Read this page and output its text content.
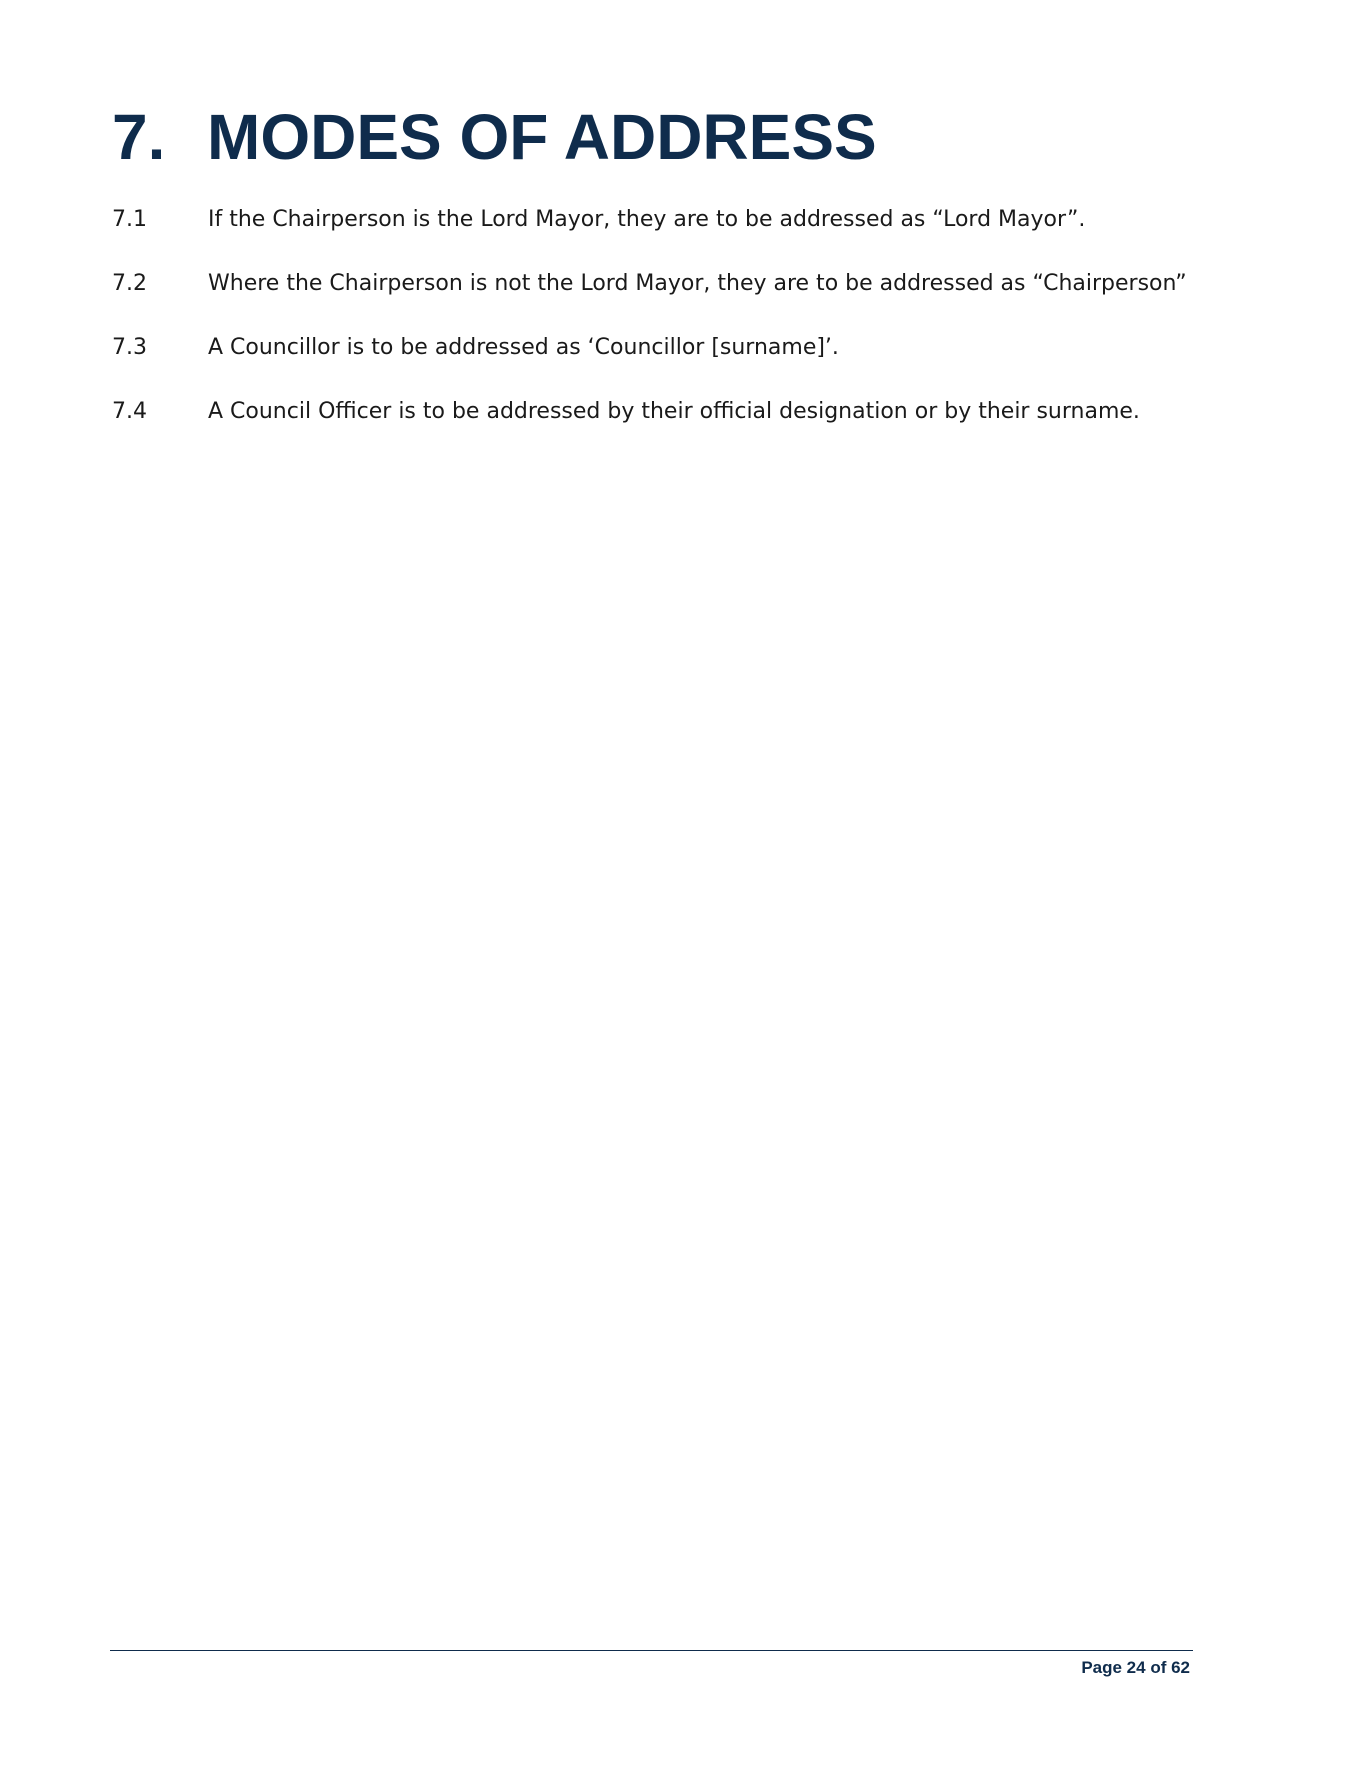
7. MODES OF ADDRESS
7.1	If the Chairperson is the Lord Mayor, they are to be addressed as “Lord Mayor”.
7.2	Where the Chairperson is not the Lord Mayor, they are to be addressed as “Chairperson”
7.3	A Councillor is to be addressed as ‘Councillor [surname]’.
7.4	A Council Officer is to be addressed by their official designation or by their surname.
Page 24 of 62
